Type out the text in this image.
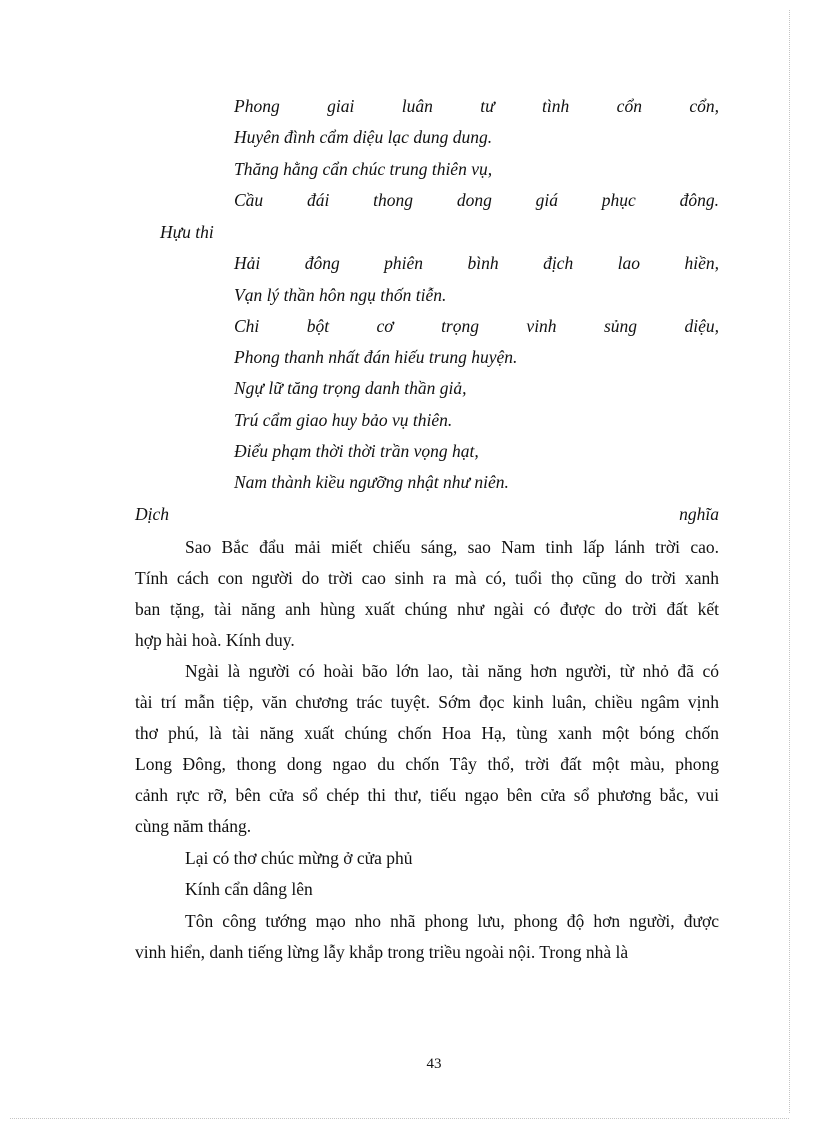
Phong giai luân tư tình cổn cổn,

Huyên đình cẩm diệu lạc dung dung.

Thăng hằng cẩn chúc trung thiên vụ,

Cầu đái thong dong giá phục đông.

Hựu thi

Hải đông phiên bình địch lao hiền,

Vạn lý thần hôn ngụ thốn tiễn.

Chi bột cơ trọng vinh sủng diệu,

Phong thanh nhất đán hiếu trung huyện.

Ngự lữ tăng trọng danh thần giả,

Trú cẩm giao huy bảo vụ thiên.

Điểu phạm thời thời trần vọng hạt,

Nam thành kiều ngưỡng nhật như niên.

Dịch	nghĩa

Sao Bắc đẩu mải miết chiếu sáng, sao Nam tinh lấp lánh trời cao.

Tính cách con người do trời cao sinh ra mà có, tuổi thọ cũng do trời xanh

ban tặng, tài năng anh hùng xuất chúng như ngài có được do trời đất kết

hợp hài hoà. Kính duy.

Ngài là người có hoài bão lớn lao, tài năng hơn người, từ nhỏ đã có

tài trí mẫn tiệp, văn chương trác tuyệt. Sớm đọc kinh luân, chiều ngâm vịnh

thơ phú, là tài năng xuất chúng chốn Hoa Hạ, tùng xanh một bóng chốn

Long Đông, thong dong ngao du chốn Tây thổ, trời đất một màu, phong

cảnh rực rỡ, bên cửa sổ chép thi thư, tiếu ngạo bên cửa sổ phương bắc, vui

cùng năm tháng.

Lại có thơ chúc mừng ở cửa phủ

Kính cẩn dâng lên

Tôn công tướng mạo nho nhã phong lưu, phong độ hơn người, được

vinh hiển, danh tiếng lừng lẫy khắp trong triều ngoài nội. Trong nhà là

43
